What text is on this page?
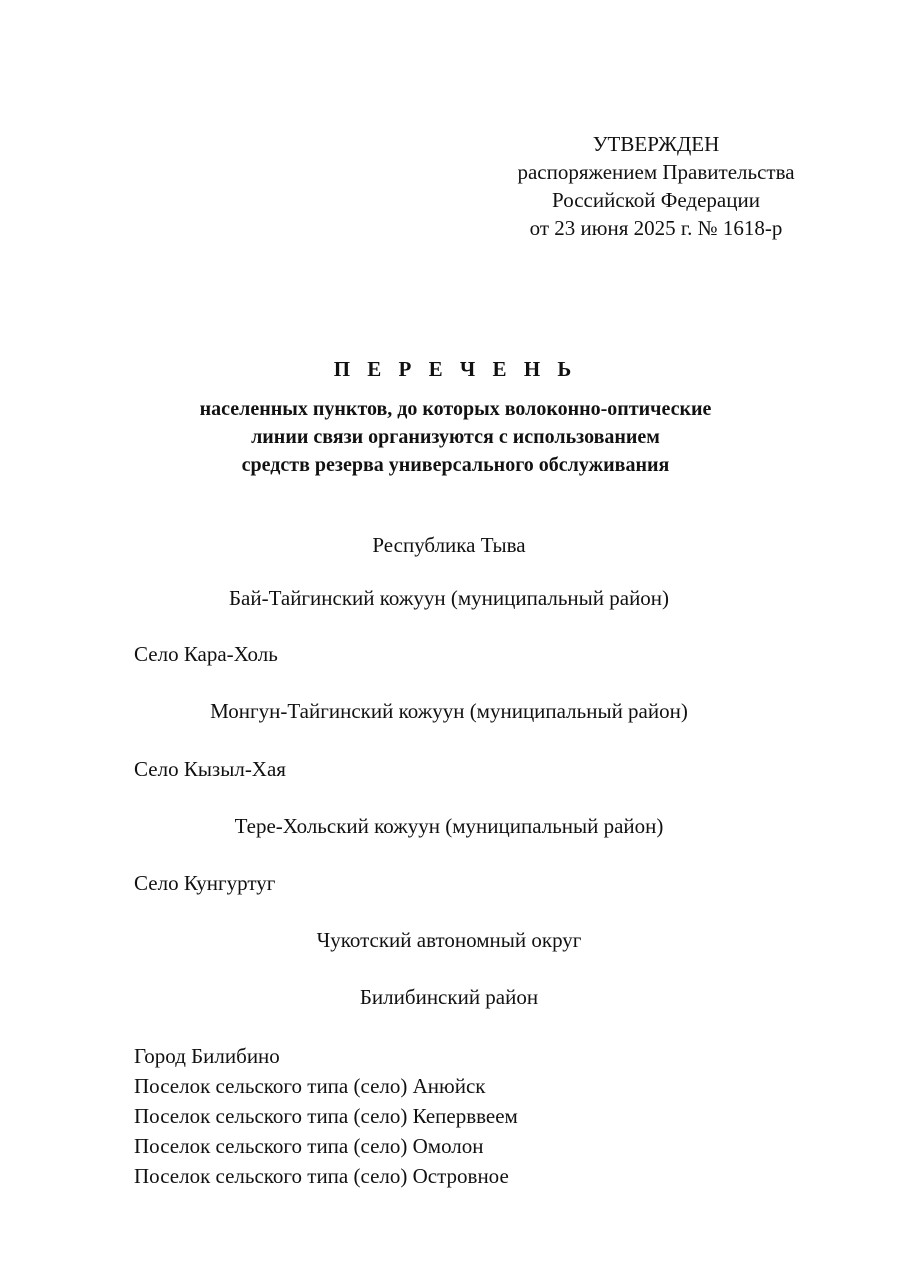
УТВЕРЖДЕН
распоряжением Правительства
Российской Федерации
от 23 июня 2025 г. № 1618-р
П Е Р Е Ч Е Н Ь
населенных пунктов, до которых волоконно-оптические
линии связи организуются с использованием
средств резерва универсального обслуживания
Республика Тыва
Бай-Тайгинский кожуун (муниципальный район)
Село Кара-Холь
Монгун-Тайгинский кожуун (муниципальный район)
Село Кызыл-Хая
Тере-Хольский кожуун (муниципальный район)
Село Кунгуртуг
Чукотский автономный округ
Билибинский район
Город Билибино
Поселок сельского типа (село) Анюйск
Поселок сельского типа (село) Кеперввеем
Поселок сельского типа (село) Омолон
Поселок сельского типа (село) Островное
